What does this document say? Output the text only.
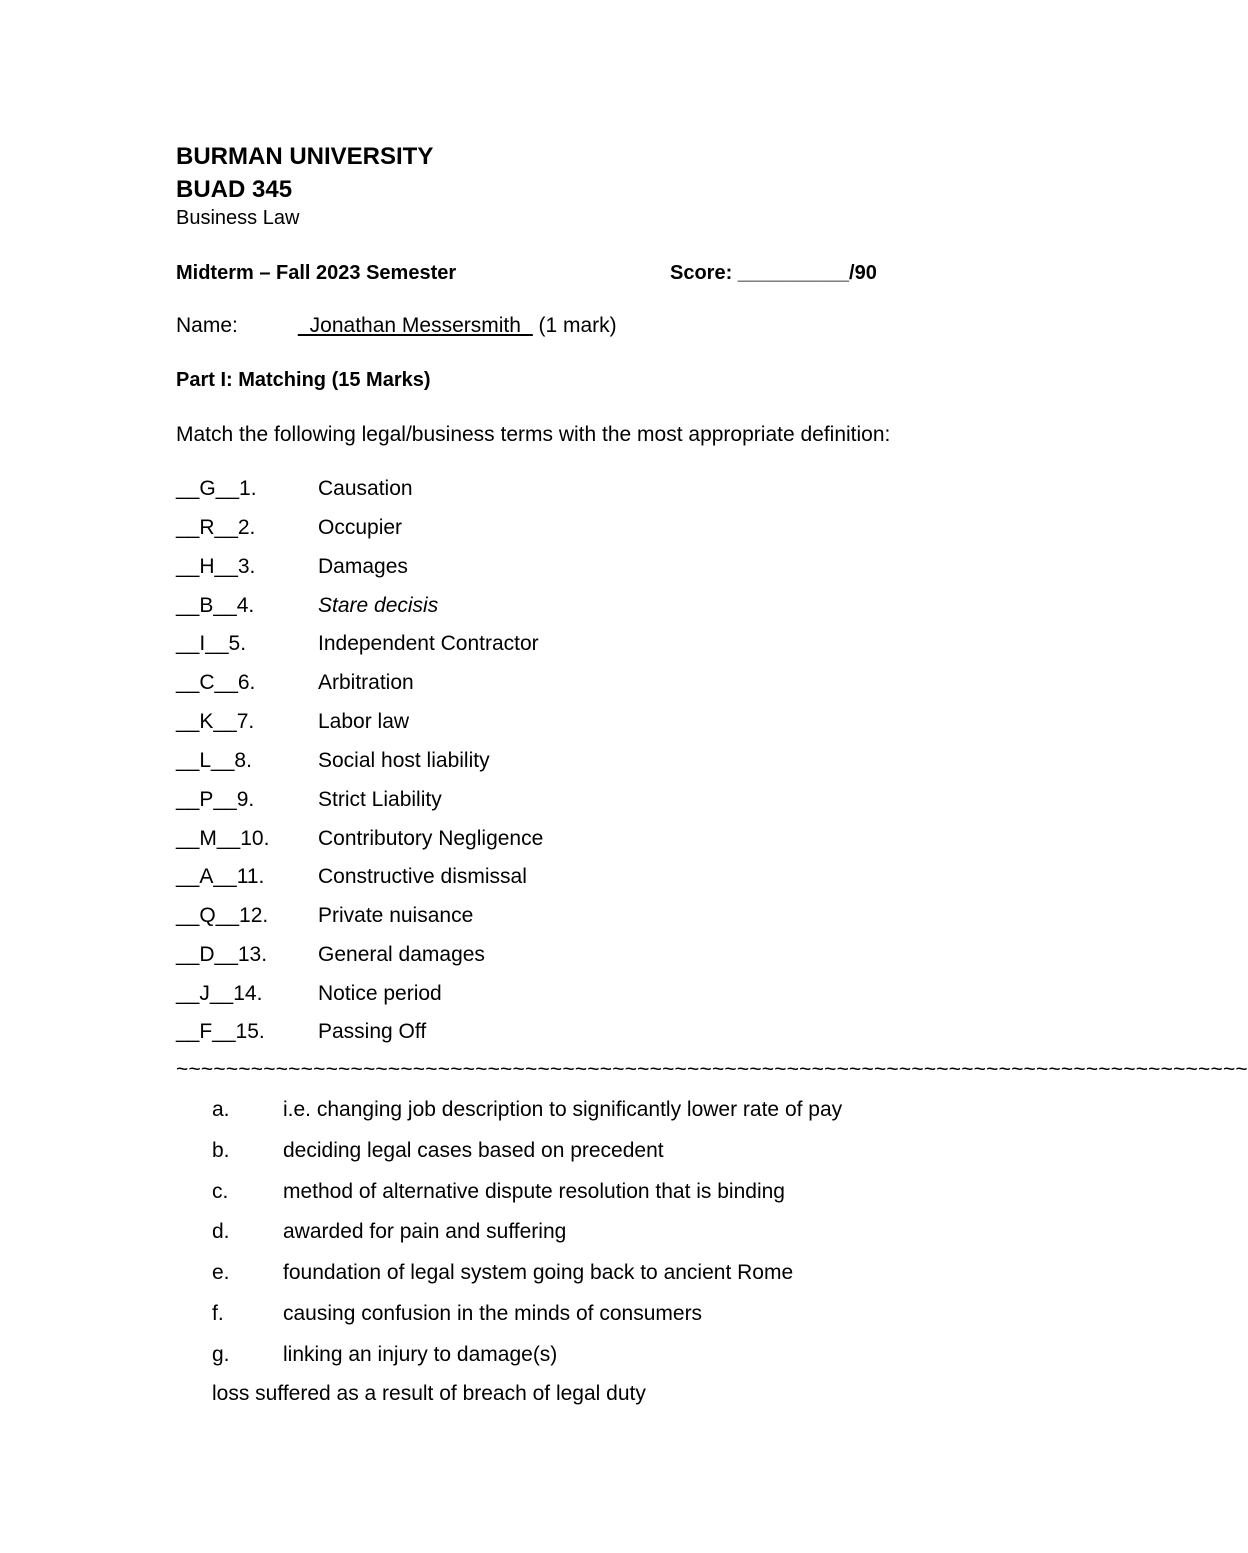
BURMAN UNIVERSITY
BUAD 345
Business Law
Midterm – Fall 2023 Semester	Score: __________/90
Name:	_Jonathan Messersmith_ (1 mark)
Part I: Matching (15 Marks)
Match the following legal/business terms with the most appropriate definition:
__G__1.	Causation
__R__2.	Occupier
__H__3.	Damages
__B__4.	Stare decisis
__I__5.	Independent Contractor
__C__6.	Arbitration
__K__7.	Labor law
__L__8.	Social host liability
__P__9.	Strict Liability
__M__10. Contributory Negligence
__A__11.	Constructive dismissal
__Q__12. Private nuisance
__D__13. General damages
__J__14.	Notice period
__F__15.	Passing Off
~~~~~~~~~~~~~~~~~~~~~~~~~~~~~~~~~~~~~~~~~~~~~~~~~~~~~~~~~~~~~~~~~~~~~~~~~~~~~~~~~~~~~~
a.	i.e. changing job description to significantly lower rate of pay
b.	deciding legal cases based on precedent
c.	method of alternative dispute resolution that is binding
d.	awarded for pain and suffering
e.	foundation of legal system going back to ancient Rome
f.	causing confusion in the minds of consumers
g.	linking an injury to damage(s)
loss suffered as a result of breach of legal duty
